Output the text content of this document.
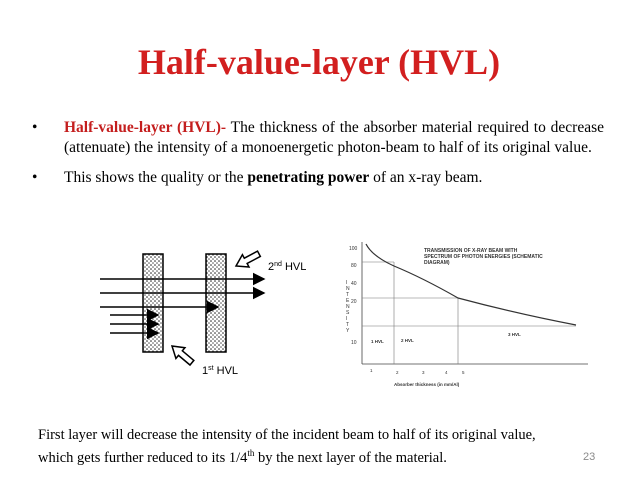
Half-value-layer (HVL)
•	Half-value-layer (HVL)- The thickness of the absorber material required to decrease (attenuate) the intensity of a monoenergetic photon-beam to half of its original value.
•	This shows the quality or the penetrating power of an x-ray beam.
2nd HVL
1st HVL
TRANSMISSION OF X-RAY BEAM WITH
SPECTRUM OF PHOTON ENERGIES (SCHEMATIC
DIAGRAM)
100
80
40
20
10
I
N
T
E
N
S
I
T
Y
1 HVL	2 HVL
3 HVL
1	2	3	4	5
Absorber thickness (in mm/Al)
First layer will decrease the intensity of the incident beam to half of its original value,
which gets further reduced to its 1/4th by the next layer of the material.	23
